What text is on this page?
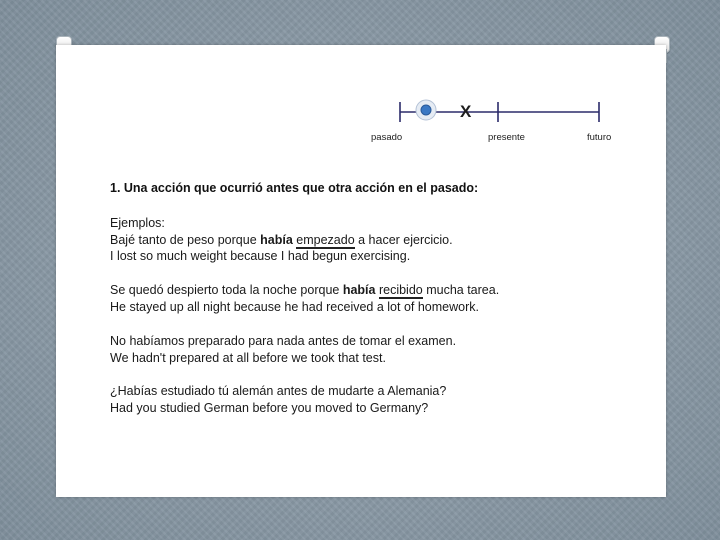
X
pasado	presente	futuro
1. Una acción que ocurrió antes que otra acción en el pasado:
Ejemplos:
Bajé tanto de peso porque había empezado a hacer ejercicio.
I lost so much weight because I had begun exercising.
Se quedó despierto toda la noche porque había recibido mucha tarea.
He stayed up all night because he had received a lot of homework.
No habíamos preparado para nada antes de tomar el examen.
We hadn't prepared at all before we took that test.
¿Habías estudiado tú alemán antes de mudarte a Alemania?
Had you studied German before you moved to Germany?
